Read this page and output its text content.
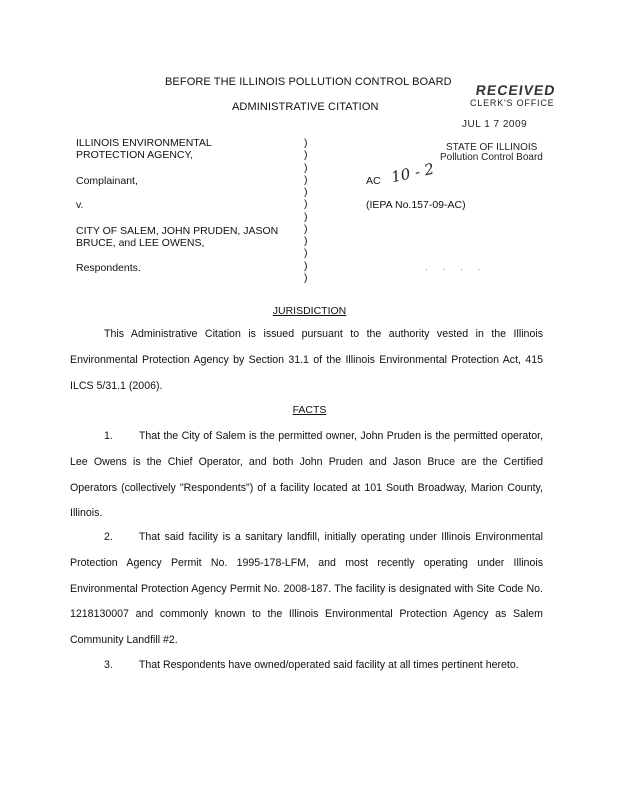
BEFORE THE ILLINOIS POLLUTION CONTROL BOARD
ADMINISTRATIVE CITATION
RECEIVED
CLERK'S OFFICE
JUL 1 7 2009
STATE OF ILLINOIS
Pollution Control Board
ILLINOIS ENVIRONMENTAL
PROTECTION AGENCY,
Complainant,
v.
CITY OF SALEM, JOHN PRUDEN, JASON
BRUCE, and LEE OWENS,
Respondents.
)
)
)
)
)
)
)
)
)
)
)
)
AC 10 - 2
(IEPA No.157-09-AC)
· · · ·
JURISDICTION
This Administrative Citation is issued pursuant to the authority vested in the Illinois Environmental Protection Agency by Section 31.1 of the Illinois Environmental Protection Act, 415 ILCS 5/31.1 (2006).
FACTS
1. That the City of Salem is the permitted owner, John Pruden is the permitted operator, Lee Owens is the Chief Operator, and both John Pruden and Jason Bruce are the Certified Operators (collectively "Respondents") of a facility located at 101 South Broadway, Marion County, Illinois.
2. That said facility is a sanitary landfill, initially operating under Illinois Environmental Protection Agency Permit No. 1995-178-LFM, and most recently operating under Illinois Environmental Protection Agency Permit No. 2008-187. The facility is designated with Site Code No. 1218130007 and commonly known to the Illinois Environmental Protection Agency as Salem Community Landfill #2.
3. That Respondents have owned/operated said facility at all times pertinent hereto.
